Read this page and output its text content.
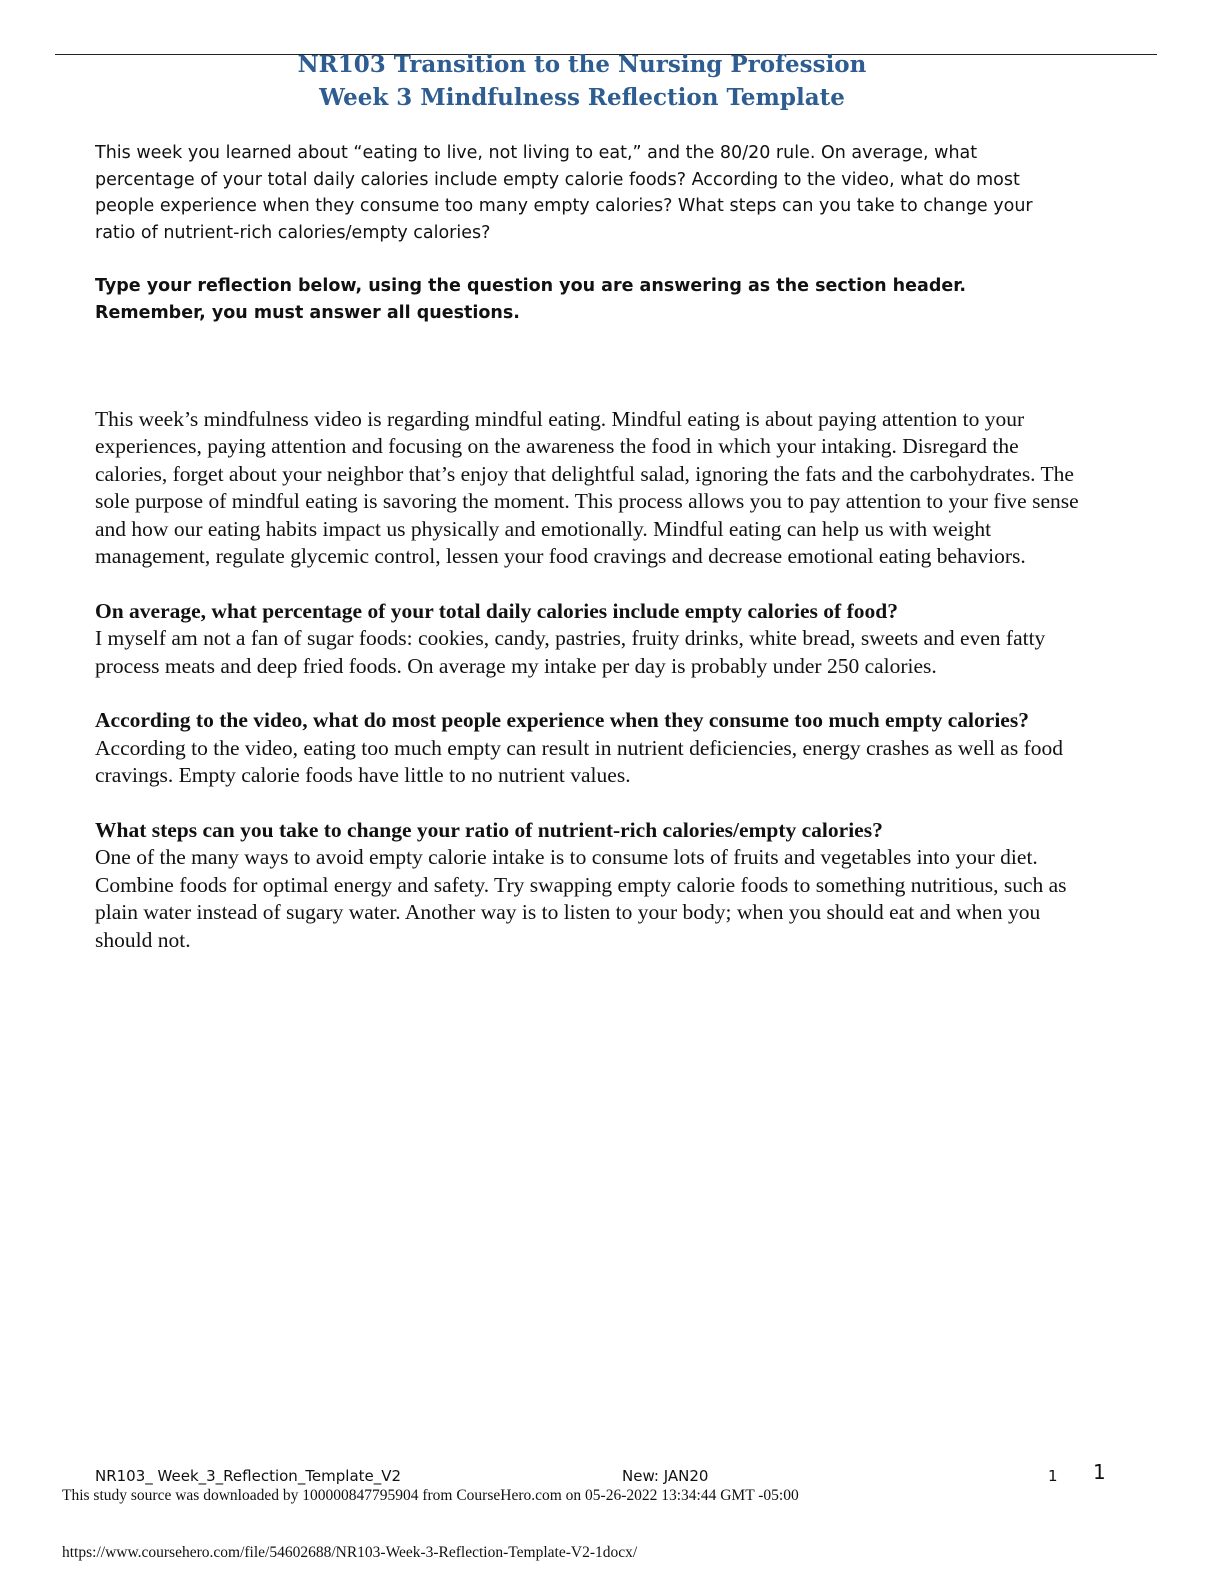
NR103 Transition to the Nursing Profession
Week 3 Mindfulness Reflection Template

This week you learned about “eating to live, not living to eat,” and the 80/20 rule. On average, what percentage of your total daily calories include empty calorie foods? According to the video, what do most people experience when they consume too many empty calories? What steps can you take to change your ratio of nutrient-rich calories/empty calories?

Type your reflection below, using the question you are answering as the section header. Remember, you must answer all questions.

This week’s mindfulness video is regarding mindful eating. Mindful eating is about paying attention to your experiences, paying attention and focusing on the awareness the food in which your intaking. Disregard the calories, forget about your neighbor that’s enjoy that delightful salad, ignoring the fats and the carbohydrates. The sole purpose of mindful eating is savoring the moment. This process allows you to pay attention to your five sense and how our eating habits impact us physically and emotionally. Mindful eating can help us with weight management, regulate glycemic control, lessen your food cravings and decrease emotional eating behaviors.

On average, what percentage of your total daily calories include empty calories of food?
I myself am not a fan of sugar foods: cookies, candy, pastries, fruity drinks, white bread, sweets and even fatty process meats and deep fried foods. On average my intake per day is probably under 250 calories.

According to the video, what do most people experience when they consume too much empty calories?
According to the video, eating too much empty can result in nutrient deficiencies, energy crashes as well as food cravings. Empty calorie foods have little to no nutrient values.

What steps can you take to change your ratio of nutrient-rich calories/empty calories?
One of the many ways to avoid empty calorie intake is to consume lots of fruits and vegetables into your diet. Combine foods for optimal energy and safety. Try swapping empty calorie foods to something nutritious, such as plain water instead of sugary water. Another way is to listen to your body; when you should eat and when you should not.

NR103_ Week_3_Reflection_Template_V2	New: JAN20	1 1
This study source was downloaded by 100000847795904 from CourseHero.com on 05-26-2022 13:34:44 GMT -05:00
https://www.coursehero.com/file/54602688/NR103-Week-3-Reflection-Template-V2-1docx/
